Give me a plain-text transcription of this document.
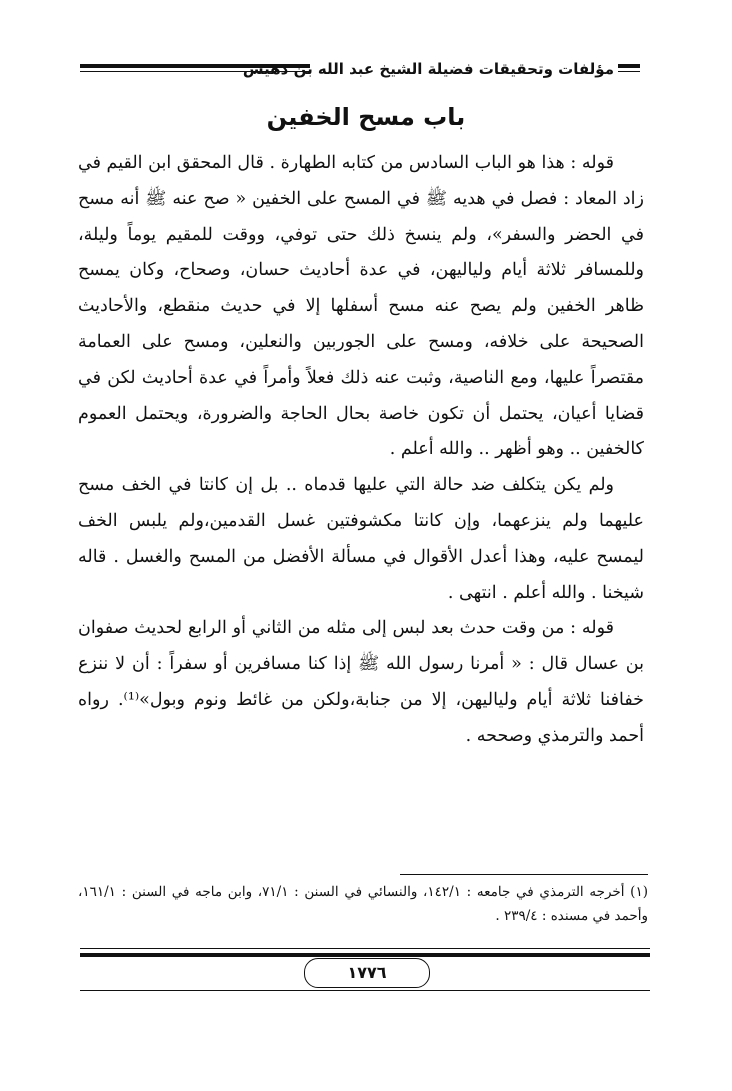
مؤلفات وتحقيقات فضيلة الشيخ عبد الله بن دهيش
باب مسح الخفين

قوله : هذا هو الباب السادس من كتابه الطهارة . قال المحقق ابن القيم في زاد المعاد : فصل في هديه ﷺ في المسح على الخفين « صح عنه ﷺ أنه مسح في الحضر والسفر»، ولم ينسخ ذلك حتى توفي، ووقت للمقيم يوماً وليلة، وللمسافر ثلاثة أيام ولياليهن، في عدة أحاديث حسان، وصحاح، وكان يمسح ظاهر الخفين ولم يصح عنه مسح أسفلها إلا في حديث منقطع، والأحاديث الصحيحة على خلافه، ومسح على الجوربين والنعلين، ومسح على العمامة مقتصراً عليها، ومع الناصية، وثبت عنه ذلك فعلاً وأمراً في عدة أحاديث لكن في قضايا أعيان، يحتمل أن تكون خاصة بحال الحاجة والضرورة، ويحتمل العموم كالخفين .. وهو أظهر .. والله أعلم .

ولم يكن يتكلف ضد حالة التي عليها قدماه .. بل إن كانتا في الخف مسح عليهما ولم ينزعهما، وإن كانتا مكشوفتين غسل القدمين،ولم يلبس الخف ليمسح عليه، وهذا أعدل الأقوال في مسألة الأفضل من المسح والغسل . قاله شيخنا . والله أعلم . انتهى .

قوله : من وقت حدث بعد لبس إلى مثله من الثاني أو الرابع لحديث صفوان بن عسال قال : « أمرنا رسول الله ﷺ إذا كنا مسافرين أو سفراً : أن لا ننزع خفافنا ثلاثة أيام ولياليهن، إلا من جنابة،ولكن من غائط ونوم وبول»⁽¹⁾. رواه أحمد والترمذي وصححه .

(١) أخرجه الترمذي في جامعه : ١٤٢/١، والنسائي في السنن : ٧١/١، وابن ماجه في السنن : ١٦١/١، وأحمد في مسنده : ٢٣٩/٤ .
١٧٧٦
